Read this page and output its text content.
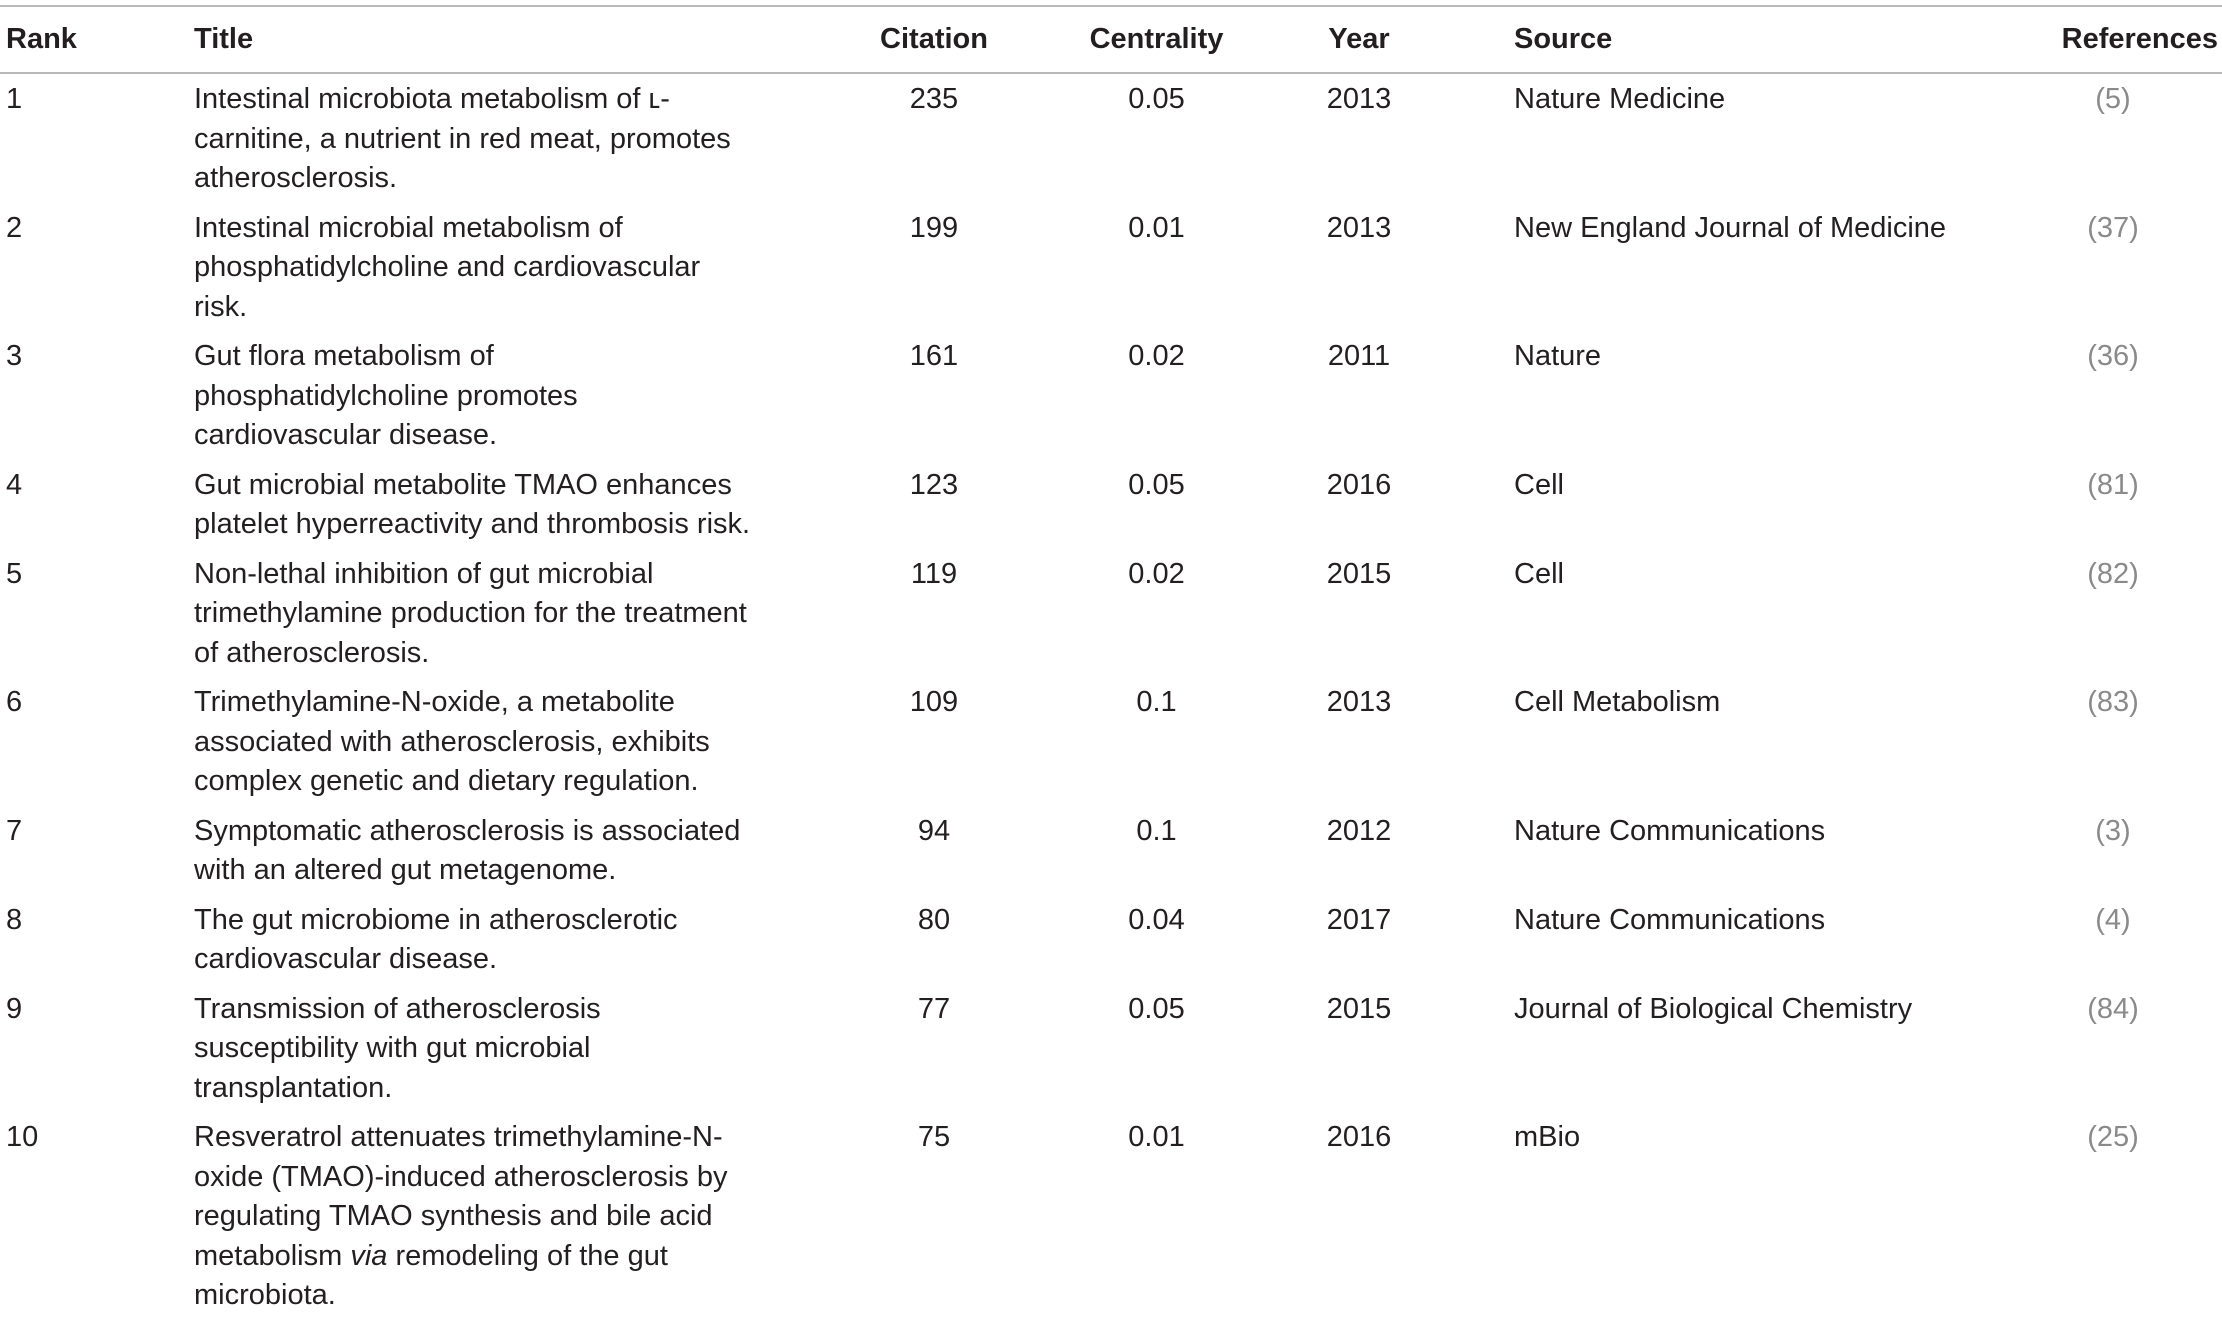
Rank	Title	Citation	Centrality	Year	Source	References
1	Intestinal microbiota metabolism of ʟ-carnitine, a nutrient in red meat, promotes atherosclerosis.	235	0.05	2013	Nature Medicine	(5)
2	Intestinal microbial metabolism of phosphatidylcholine and cardiovascular risk.	199	0.01	2013	New England Journal of Medicine	(37)
3	Gut flora metabolism of phosphatidylcholine promotes cardiovascular disease.	161	0.02	2011	Nature	(36)
4	Gut microbial metabolite TMAO enhances platelet hyperreactivity and thrombosis risk.	123	0.05	2016	Cell	(81)
5	Non-lethal inhibition of gut microbial trimethylamine production for the treatment of atherosclerosis.	119	0.02	2015	Cell	(82)
6	Trimethylamine-N-oxide, a metabolite associated with atherosclerosis, exhibits complex genetic and dietary regulation.	109	0.1	2013	Cell Metabolism	(83)
7	Symptomatic atherosclerosis is associated with an altered gut metagenome.	94	0.1	2012	Nature Communications	(3)
8	The gut microbiome in atherosclerotic cardiovascular disease.	80	0.04	2017	Nature Communications	(4)
9	Transmission of atherosclerosis susceptibility with gut microbial transplantation.	77	0.05	2015	Journal of Biological Chemistry	(84)
10	Resveratrol attenuates trimethylamine-N-oxide (TMAO)-induced atherosclerosis by regulating TMAO synthesis and bile acid metabolism via remodeling of the gut microbiota.	75	0.01	2016	mBio	(25)
